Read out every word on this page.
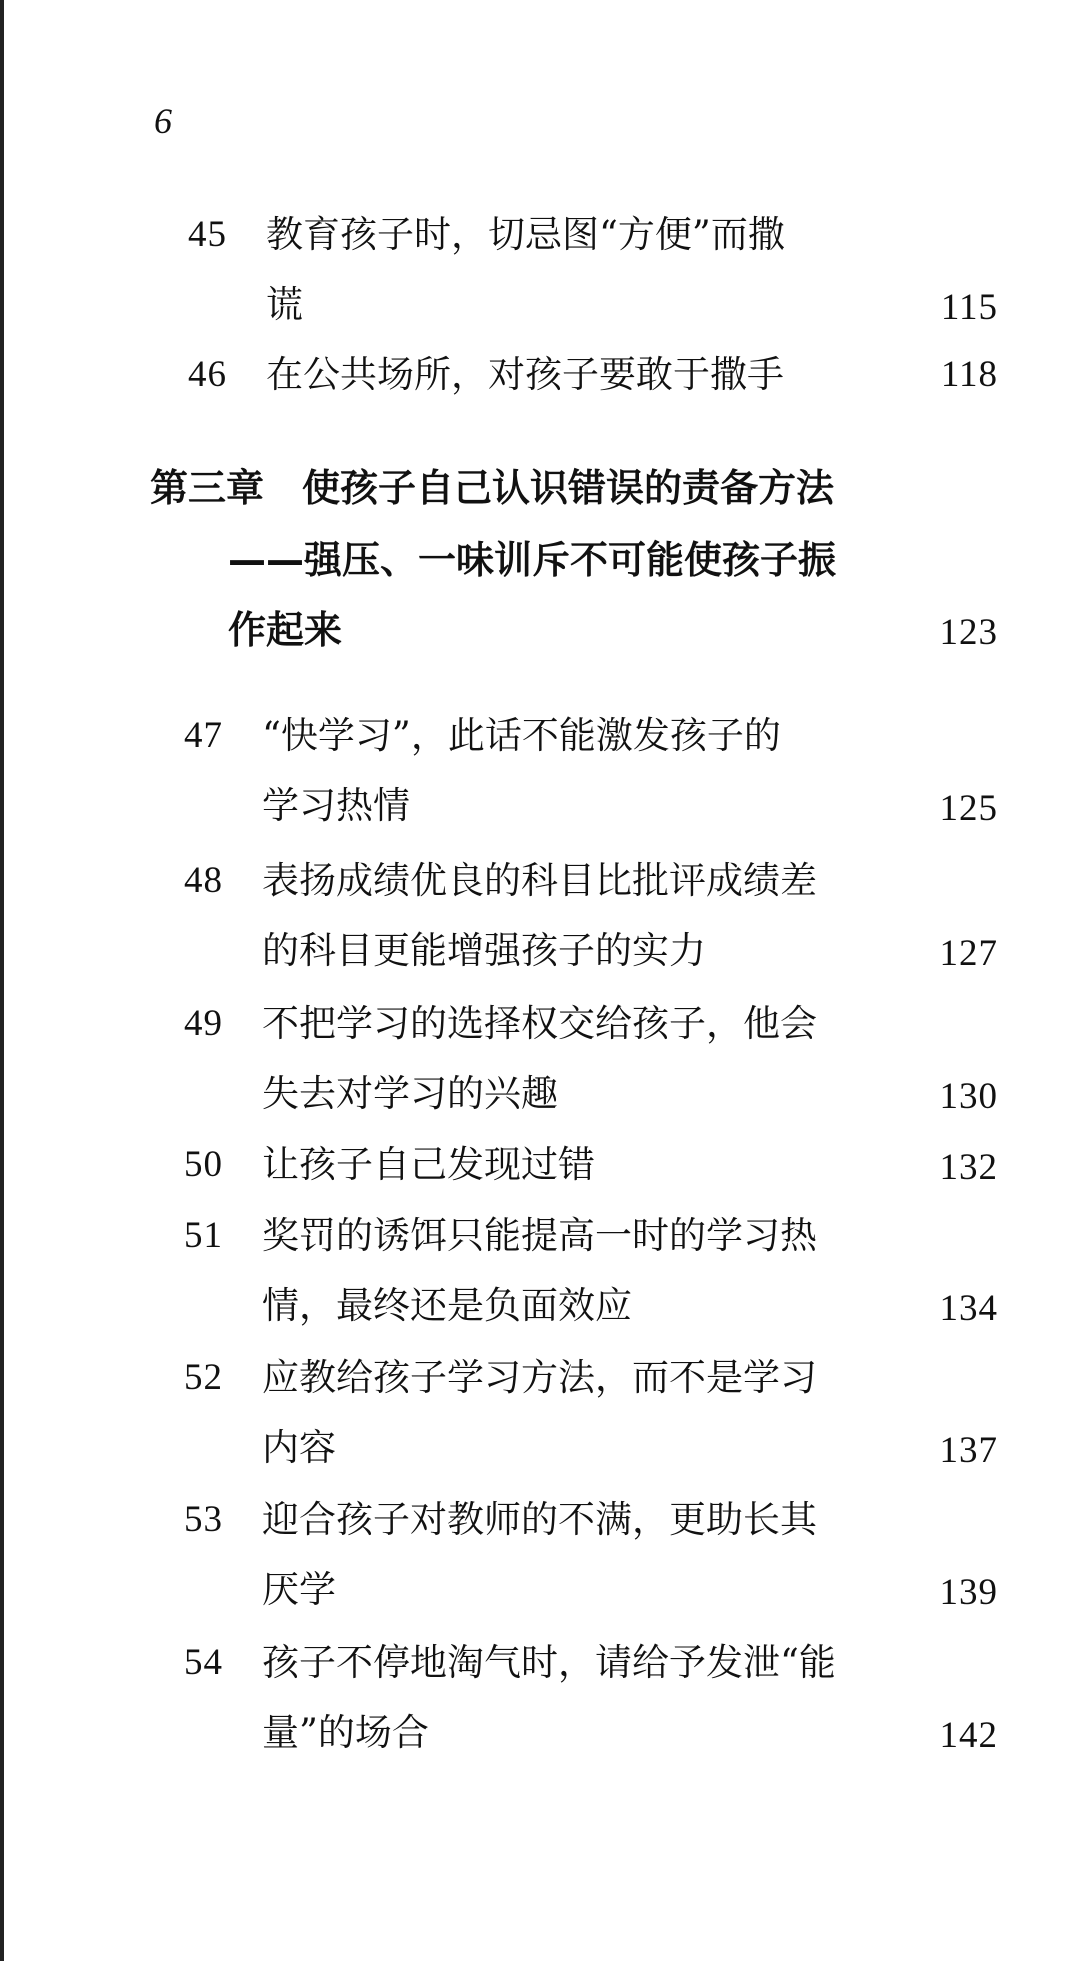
6
45 教育孩子时，切忌图“方便”而撒
谎	115
46 在公共场所，对孩子要敢于撒手	118
第三章 使孩子自己认识错误的责备方法
——强压、一味训斥不可能使孩子振
作起来	123
47 “快学习”，此话不能激发孩子的
学习热情	125
48 表扬成绩优良的科目比批评成绩差
的科目更能增强孩子的实力	127
49 不把学习的选择权交给孩子，他会
失去对学习的兴趣	130
50 让孩子自己发现过错	132
51 奖罚的诱饵只能提高一时的学习热
情，最终还是负面效应	134
52 应教给孩子学习方法，而不是学习
内容	137
53 迎合孩子对教师的不满，更助长其
厌学	139
54 孩子不停地淘气时，请给予发泄“能
量”的场合	142
